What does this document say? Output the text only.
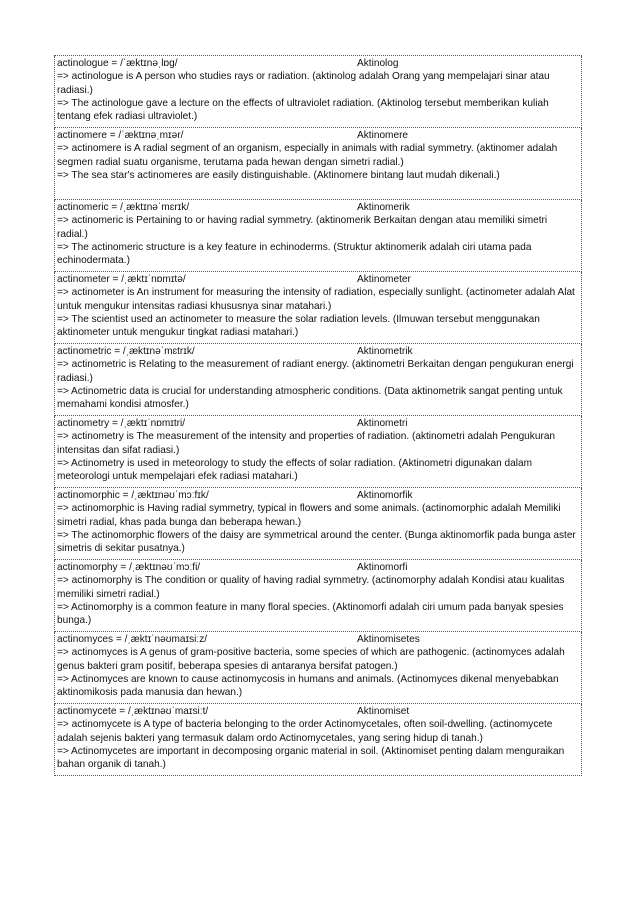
actinologue = /ˈæktɪnəˌlɒɡ/	Aktinolog
=> actinologue is A person who studies rays or radiation. (aktinolog adalah Orang yang mempelajari sinar atau radiasi.)
=> The actinologue gave a lecture on the effects of ultraviolet radiation. (Aktinolog tersebut memberikan kuliah tentang efek radiasi ultraviolet.)
actinomere = /ˈæktɪnəˌmɪər/	Aktinomere
=> actinomere is A radial segment of an organism, especially in animals with radial symmetry. (aktinomer adalah segmen radial suatu organisme, terutama pada hewan dengan simetri radial.)
=> The sea star's actinomeres are easily distinguishable. (Aktinomere bintang laut mudah dikenali.)
actinomeric = /ˌæktɪnəˈmɛrɪk/	Aktinomerik
=> actinomeric is Pertaining to or having radial symmetry. (aktinomerik Berkaitan dengan atau memiliki simetri radial.)
=> The actinomeric structure is a key feature in echinoderms. (Struktur aktinomerik adalah ciri utama pada echinodermata.)
actinometer = /ˌæktɪˈnɒmɪtə/	Aktinometer
=> actinometer is An instrument for measuring the intensity of radiation, especially sunlight. (actinometer adalah Alat untuk mengukur intensitas radiasi khususnya sinar matahari.)
=> The scientist used an actinometer to measure the solar radiation levels. (Ilmuwan tersebut menggunakan aktinometer untuk mengukur tingkat radiasi matahari.)
actinometric = /ˌæktɪnəˈmɛtrɪk/	Aktinometrik
=> actinometric is Relating to the measurement of radiant energy. (aktinometri Berkaitan dengan pengukuran energi radiasi.)
=> Actinometric data is crucial for understanding atmospheric conditions. (Data aktinometrik sangat penting untuk memahami kondisi atmosfer.)
actinometry = /ˌæktɪˈnɒmɪtri/	Aktinometri
=> actinometry is The measurement of the intensity and properties of radiation. (aktinometri adalah Pengukuran intensitas dan sifat radiasi.)
=> Actinometry is used in meteorology to study the effects of solar radiation. (Aktinometri digunakan dalam meteorologi untuk mempelajari efek radiasi matahari.)
actinomorphic = /ˌæktɪnəʊˈmɔːfɪk/	Aktinomorfik
=> actinomorphic is Having radial symmetry, typical in flowers and some animals. (actinomorphic adalah Memiliki simetri radial, khas pada bunga dan beberapa hewan.)
=> The actinomorphic flowers of the daisy are symmetrical around the center. (Bunga aktinomorfik pada bunga aster simetris di sekitar pusatnya.)
actinomorphy = /ˌæktɪnəʊˈmɔːfi/	Aktinomorfi
=> actinomorphy is The condition or quality of having radial symmetry. (actinomorphy adalah Kondisi atau kualitas memiliki simetri radial.)
=> Actinomorphy is a common feature in many floral species. (Aktinomorfi adalah ciri umum pada banyak spesies bunga.)
actinomyces = /ˌæktɪˈnəʊmaɪsiːz/	Aktinomisetes
=> actinomyces is A genus of gram-positive bacteria, some species of which are pathogenic. (actinomyces adalah genus bakteri gram positif, beberapa spesies di antaranya bersifat patogen.)
=> Actinomyces are known to cause actinomycosis in humans and animals. (Actinomyces dikenal menyebabkan aktinomikosis pada manusia dan hewan.)
actinomycete = /ˌæktɪnəʊˈmaɪsiːt/	Aktinomiset
=> actinomycete is A type of bacteria belonging to the order Actinomycetales, often soil-dwelling. (actinomycete adalah sejenis bakteri yang termasuk dalam ordo Actinomycetales, yang sering hidup di tanah.)
=> Actinomycetes are important in decomposing organic material in soil. (Aktinomiset penting dalam menguraikan bahan organik di tanah.)
